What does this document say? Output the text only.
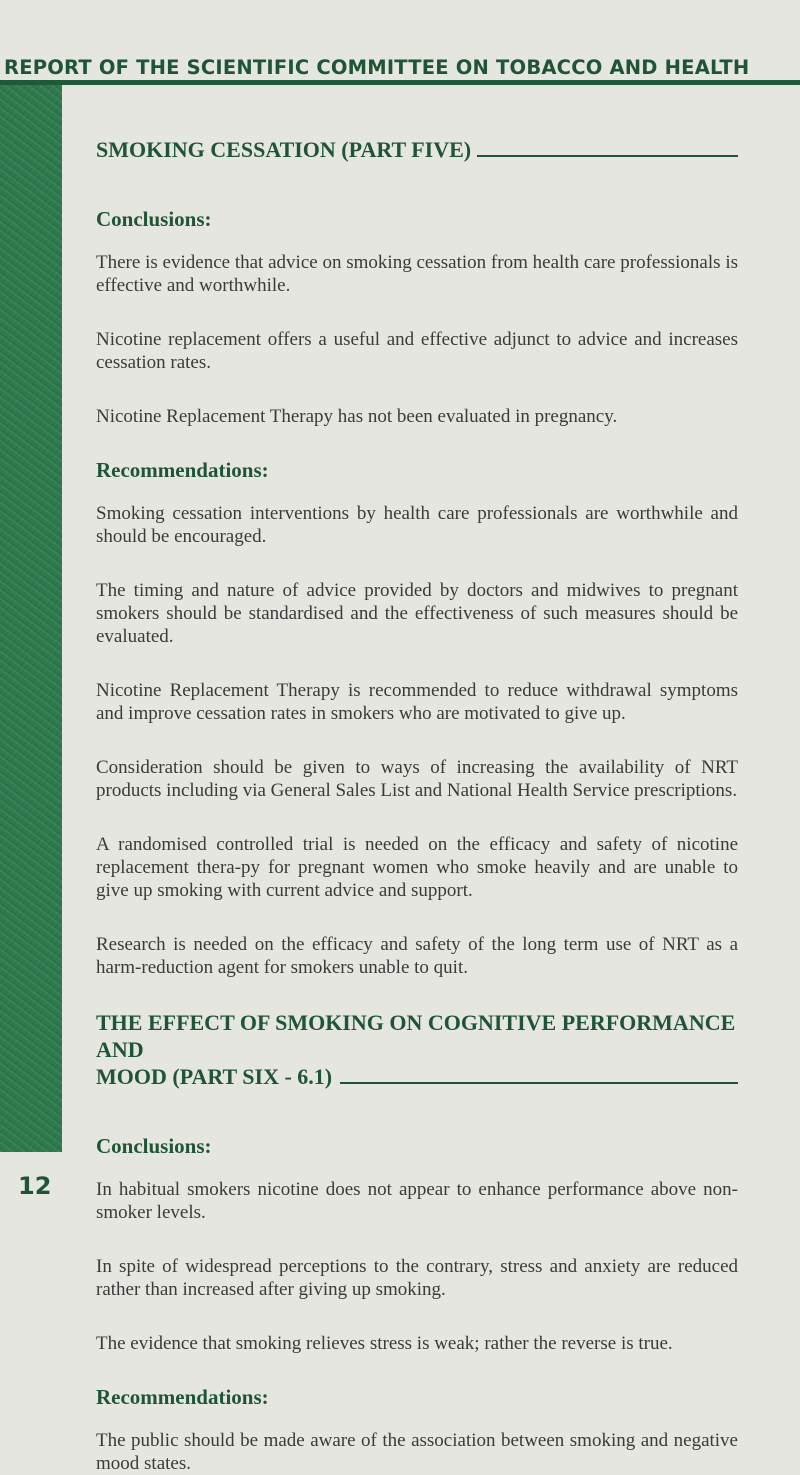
REPORT OF THE SCIENTIFIC COMMITTEE ON TOBACCO AND HEALTH
12
SMOKING CESSATION (PART FIVE)
Conclusions:

There is evidence that advice on smoking cessation from health care professionals is effective and worthwhile.

Nicotine replacement offers a useful and effective adjunct to advice and increases cessation rates.

Nicotine Replacement Therapy has not been evaluated in pregnancy.

Recommendations:

Smoking cessation interventions by health care professionals are worthwhile and should be encouraged.

The timing and nature of advice provided by doctors and midwives to pregnant smokers should be standardised and the effectiveness of such measures should be evaluated.

Nicotine Replacement Therapy is recommended to reduce withdrawal symptoms and improve cessation rates in smokers who are motivated to give up.

Consideration should be given to ways of increasing the availability of NRT products including via General Sales List and National Health Service prescriptions.

A randomised controlled trial is needed on the efficacy and safety of nicotine replacement thera-py for pregnant women who smoke heavily and are unable to give up smoking with current advice and support.

Research is needed on the efficacy and safety of the long term use of NRT as a harm-reduction agent for smokers unable to quit.

THE EFFECT OF SMOKING ON COGNITIVE PERFORMANCE AND
MOOD (PART SIX - 6.1)
Conclusions:

In habitual smokers nicotine does not appear to enhance performance above non-smoker levels.

In spite of widespread perceptions to the contrary, stress and anxiety are reduced rather than increased after giving up smoking.

The evidence that smoking relieves stress is weak; rather the reverse is true.

Recommendations:

The public should be made aware of the association between smoking and negative mood states.
